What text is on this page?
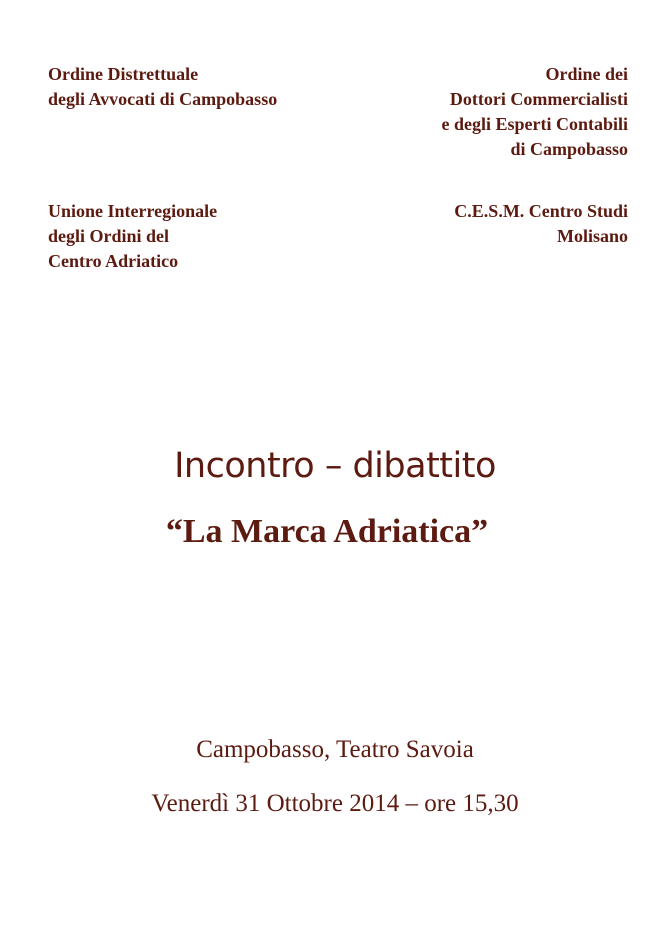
Ordine Distrettuale
degli Avvocati di Campobasso
Ordine dei
Dottori Commercialisti
e degli Esperti Contabili
di Campobasso
Unione Interregionale
degli Ordini del
Centro Adriatico
C.E.S.M. Centro Studi
Molisano
Incontro – dibattito
“La Marca Adriatica”
Campobasso, Teatro Savoia
Venerdì 31 Ottobre 2014 – ore 15,30
